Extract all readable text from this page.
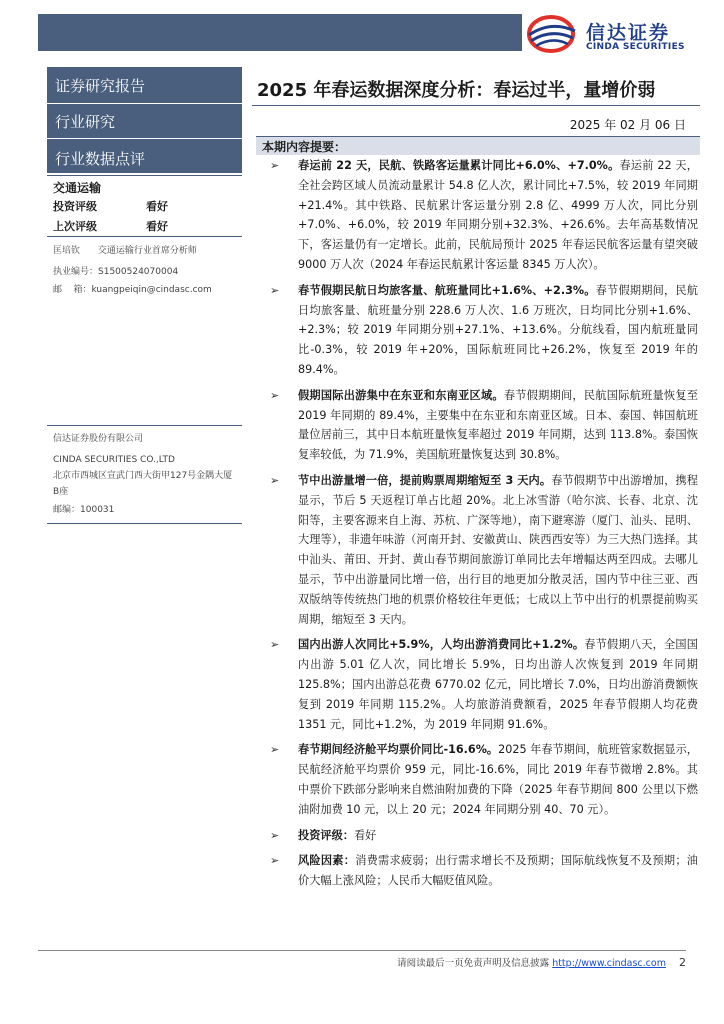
信达证券
CINDA SECURITIES
证券研究报告
行业研究
行业数据点评
交通运输
投资评级	看好
上次评级	看好
匡培钦 交通运输行业首席分析师
执业编号：S1500524070004
邮    箱：kuangpeiqin@cindasc.com
信达证券股份有限公司
CINDA SECURITIES CO.,LTD
北京市西城区宣武门西大街甲127号金隅大厦B座
邮编：100031
2025 年春运数据深度分析：春运过半，量增价弱
2025 年 02 月 06 日
本期内容提要：

➢ 春运前 22 天，民航、铁路客运量累计同比+6.0%、+7.0%。春运前 22 天，全社会跨区域人员流动量累计 54.8 亿人次，累计同比+7.5%，较 2019 年同期+21.4%。其中铁路、民航累计客运量分别 2.8 亿、4999 万人次，同比分别+7.0%、+6.0%，较 2019 年同期分别+32.3%、+26.6%。去年高基数情况下，客运量仍有一定增长。此前，民航局预计 2025 年春运民航客运量有望突破 9000 万人次（2024 年春运民航累计客运量 8345 万人次）。

➢ 春节假期民航日均旅客量、航班量同比+1.6%、+2.3%。春节假期期间，民航日均旅客量、航班量分别 228.6 万人次、1.6 万班次，日均同比分别+1.6%、+2.3%；较 2019 年同期分别+27.1%、+13.6%。分航线看，国内航班量同比-0.3%，较 2019 年+20%，国际航班同比+26.2%，恢复至 2019 年的 89.4%。

➢ 假期国际出游集中在东亚和东南亚区域。春节假期期间，民航国际航班量恢复至 2019 年同期的 89.4%，主要集中在东亚和东南亚区域。日本、泰国、韩国航班量位居前三，其中日本航班量恢复率超过 2019 年同期，达到 113.8%。泰国恢复率较低，为 71.9%，美国航班量恢复达到 30.8%。

➢ 节中出游量增一倍，提前购票周期缩短至 3 天内。春节假期节中出游增加，携程显示，节后 5 天返程订单占比超 20%。北上冰雪游（哈尔滨、长春、北京、沈阳等，主要客源来自上海、苏杭、广深等地），南下避寒游（厦门、汕头、昆明、大理等），非遗年味游（河南开封、安徽黄山、陕西西安等）为三大热门选择。其中汕头、莆田、开封、黄山春节期间旅游订单同比去年增幅达两至四成。去哪儿显示，节中出游量同比增一倍，出行目的地更加分散灵活，国内节中往三亚、西双版纳等传统热门地的机票价格较往年更低；七成以上节中出行的机票提前购买周期，缩短至 3 天内。

➢ 国内出游人次同比+5.9%，人均出游消费同比+1.2%。春节假期八天，全国国内出游 5.01 亿人次，同比增长 5.9%，日均出游人次恢复到 2019 年同期 125.8%；国内出游总花费 6770.02 亿元，同比增长 7.0%，日均出游消费额恢复到 2019 年同期 115.2%。人均旅游消费额看，2025 年春节假期人均花费 1351 元，同比+1.2%，为 2019 年同期 91.6%。

➢ 春节期间经济舱平均票价同比-16.6%。2025 年春节期间，航班管家数据显示，民航经济舱平均票价 959 元，同比-16.6%，同比 2019 年春节微增 2.8%。其中票价下跌部分影响来自燃油附加费的下降（2025 年春节期间 800 公里以下燃油附加费 10 元，以上 20 元；2024 年同期分别 40、70 元）。

➢ 投资评级：看好

➢ 风险因素：消费需求疲弱；出行需求增长不及预期；国际航线恢复不及预期；油价大幅上涨风险；人民币大幅贬值风险。

请阅读最后一页免责声明及信息披露 http://www.cindasc.com 2
